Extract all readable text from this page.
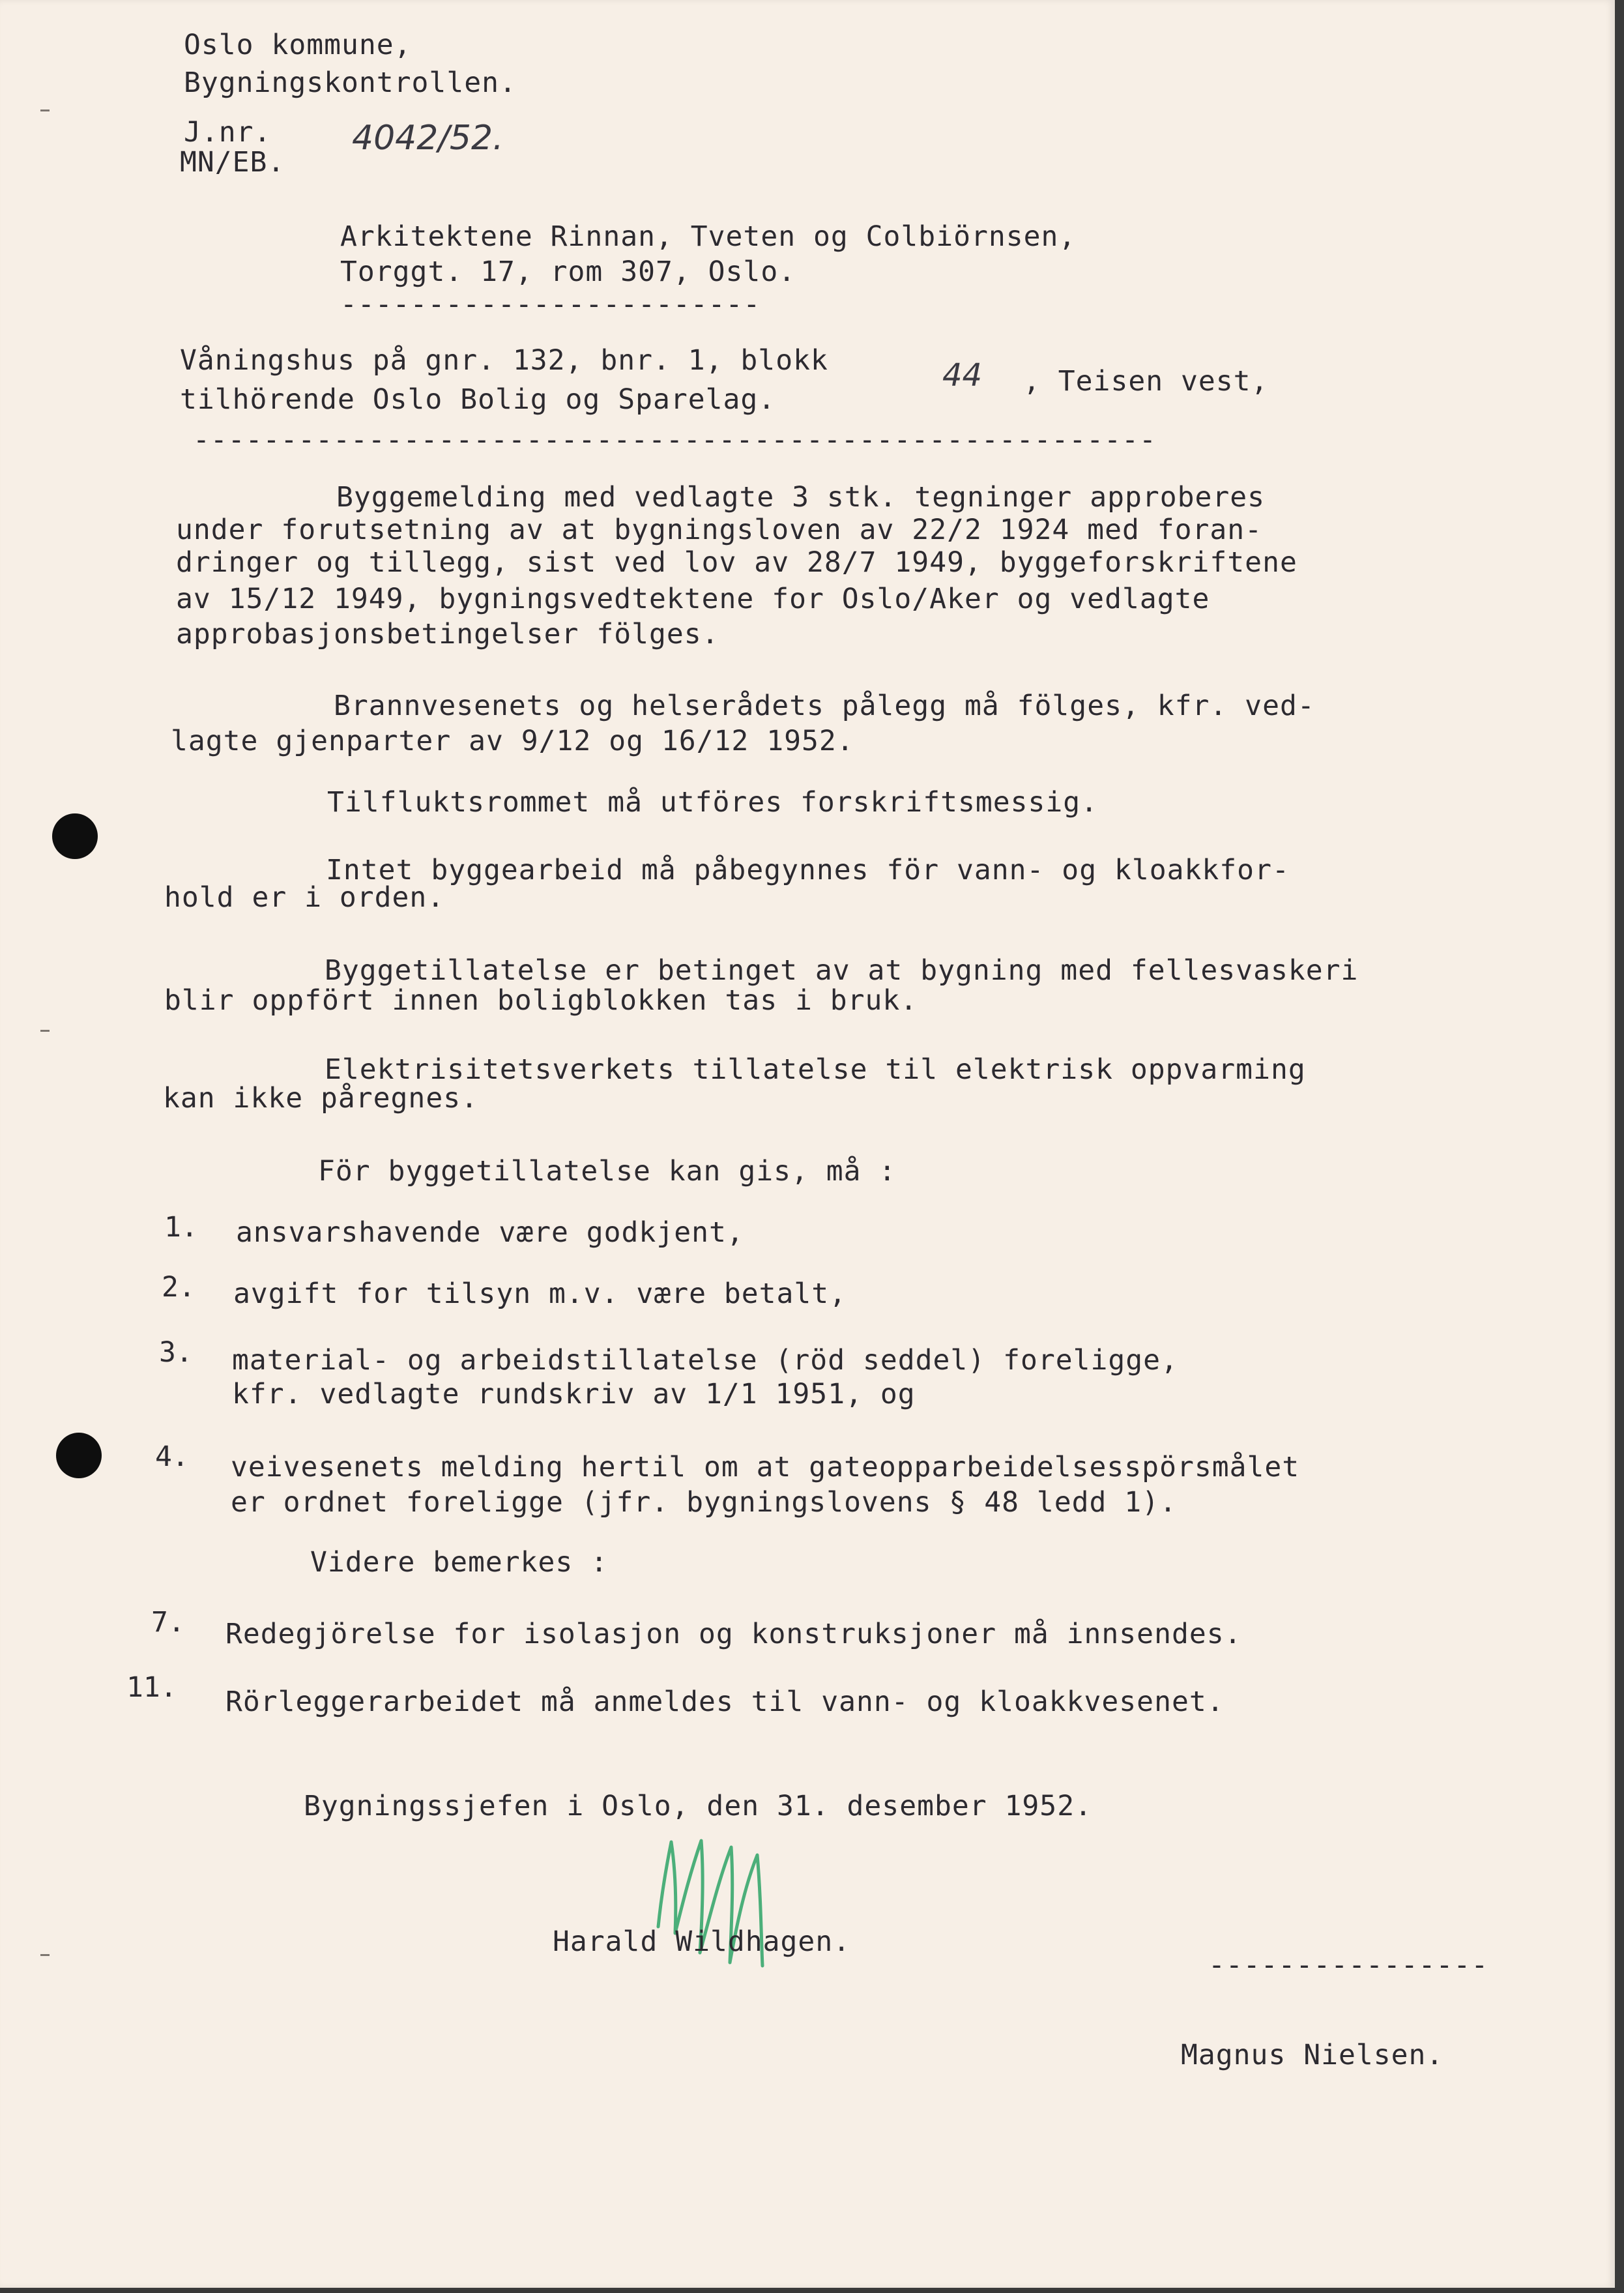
Oslo kommune,
Bygningskontrollen.
J.nr. 4042/52.
MN/EB.
Arkitektene Rinnan, Tveten og Colbiörnsen,
Torggt. 17, rom 307, Oslo.
------------------------
Våningshus på gnr. 132, bnr. 1, blokk	44 , Teisen vest,
tilhörende Oslo Bolig og Sparelag.
-------------------------------------------------------
Byggemelding med vedlagte 3 stk. tegninger approberes
under forutsetning av at bygningsloven av 22/2 1924 med foran-
dringer og tillegg, sist ved lov av 28/7 1949, byggeforskriftene
av 15/12 1949, bygningsvedtektene for Oslo/Aker og vedlagte
approbasjonsbetingelser fölges.
Brannvesenets og helserådets pålegg må fölges, kfr. ved-
lagte gjenparter av 9/12 og 16/12 1952.
Tilfluktsrommet må utföres forskriftsmessig.
Intet byggearbeid må påbegynnes för vann- og kloakkfor-
hold er i orden.
Byggetillatelse er betinget av at bygning med fellesvaskeri
blir oppfört innen boligblokken tas i bruk.
Elektrisitetsverkets tillatelse til elektrisk oppvarming
kan ikke påregnes.
För byggetillatelse kan gis, må :
1. ansvarshavende være godkjent,
2. avgift for tilsyn m.v. være betalt,
3. material- og arbeidstillatelse (röd seddel) foreligge,
kfr. vedlagte rundskriv av 1/1 1951, og
4. veivesenets melding hertil om at gateopparbeidelsesspörsmålet
er ordnet foreligge (jfr. bygningslovens § 48 ledd 1).
Videre bemerkes :
7. Redegjörelse for isolasjon og konstruksjoner må innsendes.
11. Rörleggerarbeidet må anmeldes til vann- og kloakkvesenet.
Bygningssjefen i Oslo, den 31. desember 1952.
Harald Wildhagen.
----------------
Magnus Nielsen.
